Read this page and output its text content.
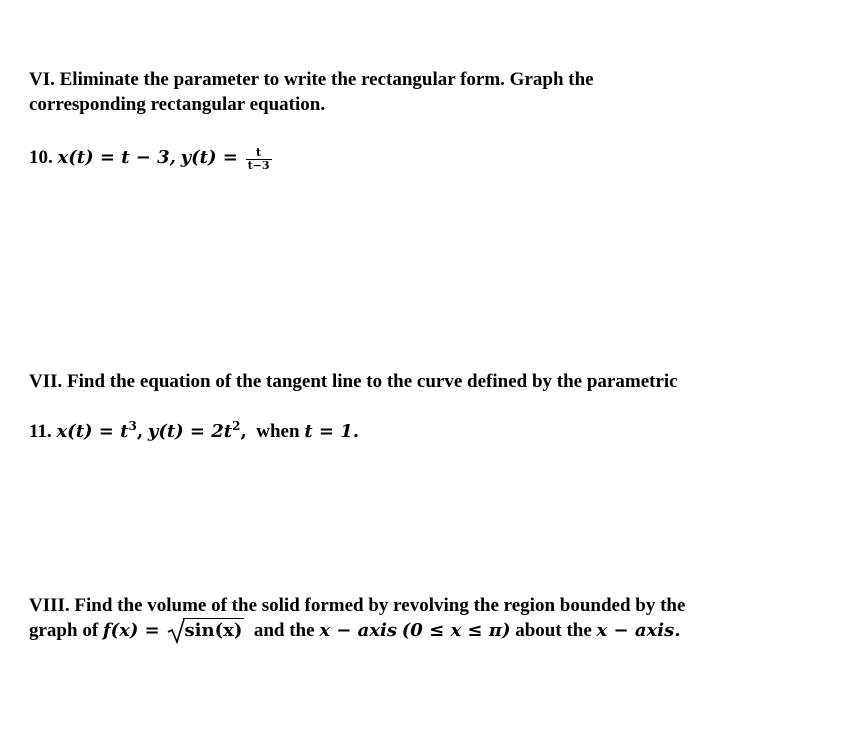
VI. Eliminate the parameter to write the rectangular form. Graph the
corresponding rectangular equation.
10. x(t) = t − 3, $y(t) = \frac{t}{t-3}$
VII. Find the equation of the tangent line to the curve defined by the parametric
11. $x(t) = t^3$, $y(t) = 2t^2$, when t = 1.
VIII. Find the volume of the solid formed by revolving the region bounded by the
graph of f(x) = sin(x) and the x − axis (0 ≤ x ≤ π) about the x − axis.
